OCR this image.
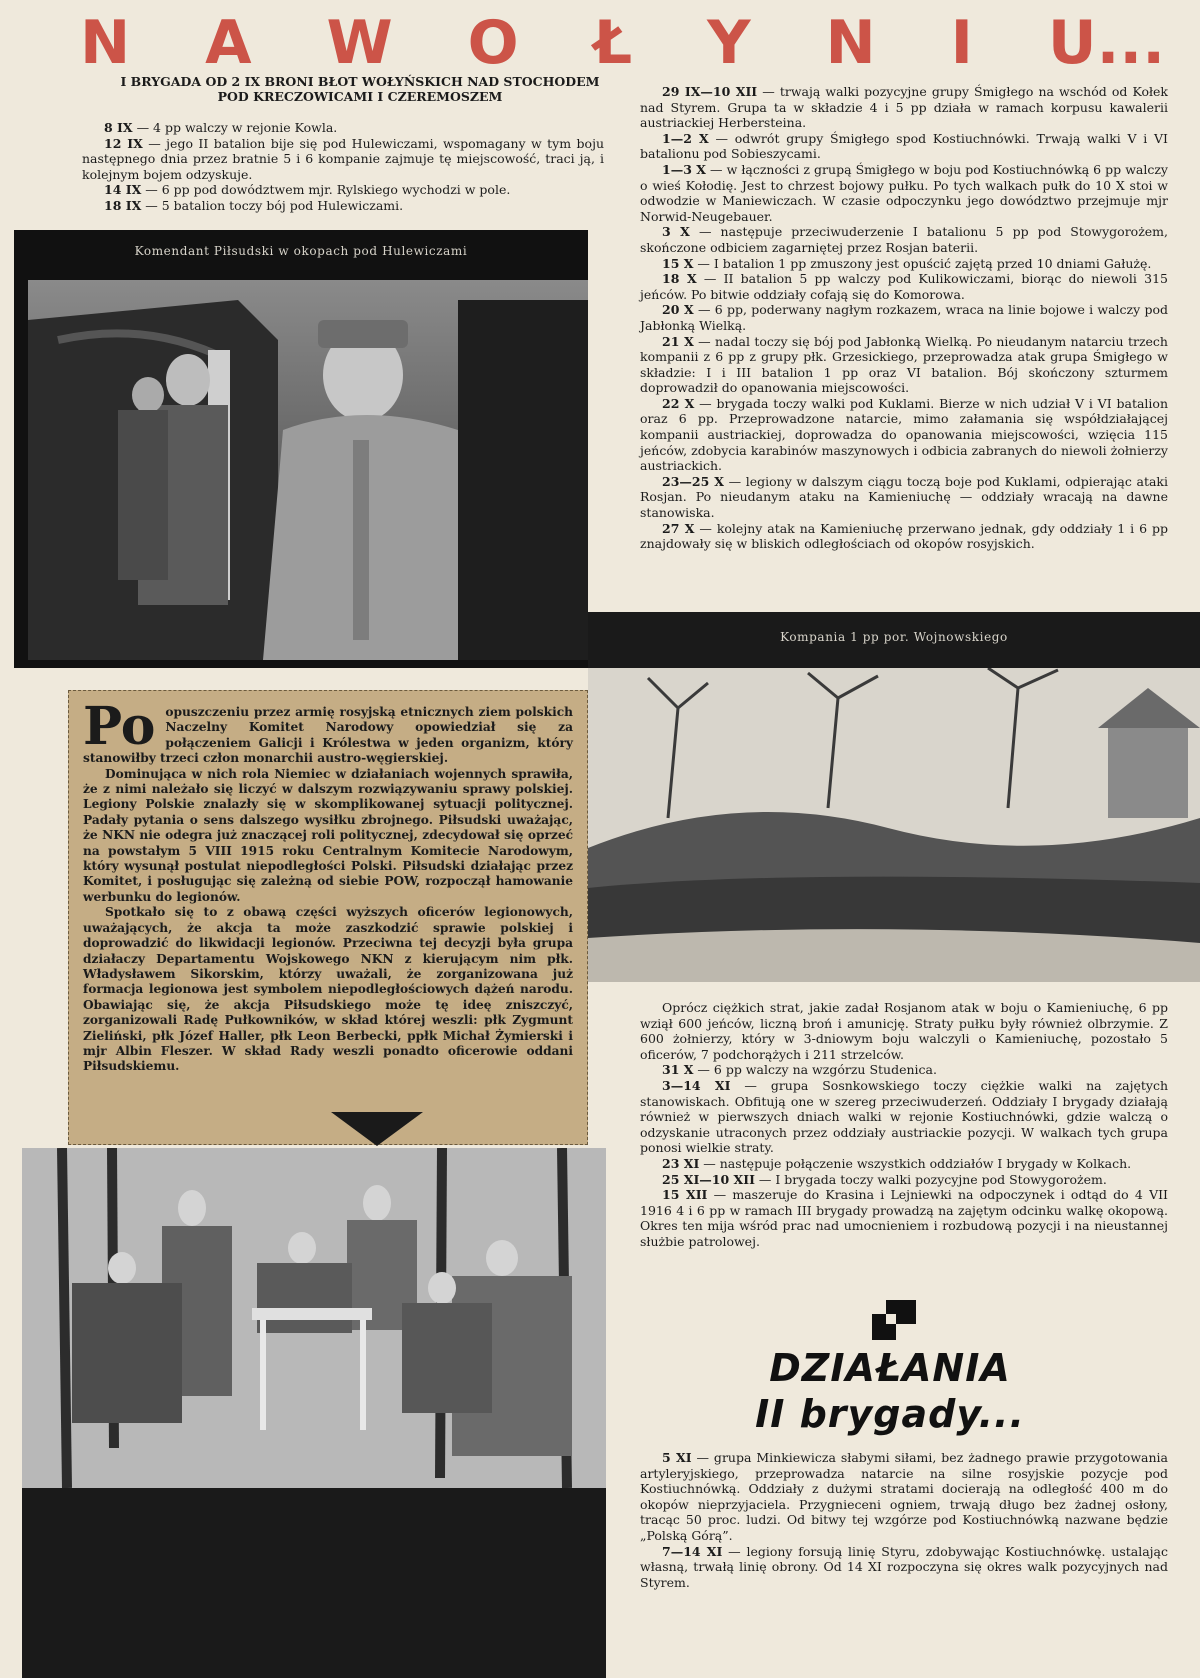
N A W O Ł Y N I U...
I BRYGADA OD 2 IX BRONI BŁOT WOŁYŃSKICH NAD STOCHODEM POD KRECZOWICAMI I CZEREMOSZEM

8 IX — 4 pp walczy w rejonie Kowla.

12 IX — jego II batalion bije się pod Hulewiczami, wspomagany w tym boju następnego dnia przez bratnie 5 i 6 kompanie zajmuje tę miejscowość, traci ją, i kolejnym bojem odzyskuje.

14 IX — 6 pp pod dowództwem mjr. Rylskiego wychodzi w pole.

18 IX — 5 batalion toczy bój pod Hulewiczami.

29 IX—10 XII — trwają walki pozycyjne grupy Śmigłego na wschód od Kołek nad Styrem. Grupa ta w składzie 4 i 5 pp działa w ramach korpusu kawalerii austriackiej Herbersteina.

1—2 X — odwrót grupy Śmigłego spod Kostiuchnówki. Trwają walki V i VI batalionu pod Sobieszycami.

1—3 X — w łączności z grupą Śmigłego w boju pod Kostiuchnówką 6 pp walczy o wieś Kołodię. Jest to chrzest bojowy pułku. Po tych walkach pułk do 10 X stoi w odwodzie w Maniewiczach. W czasie odpoczynku jego dowództwo przejmuje mjr Norwid-Neugebauer.

3 X — następuje przeciwuderzenie I batalionu 5 pp pod Stowygorożem, skończone odbiciem zagarniętej przez Rosjan baterii.

15 X — I batalion 1 pp zmuszony jest opuścić zajętą przed 10 dniami Gałużę.

18 X — II batalion 5 pp walczy pod Kulikowiczami, biorąc do niewoli 315 jeńców. Po bitwie oddziały cofają się do Komorowa.

20 X — 6 pp, poderwany nagłym rozkazem, wraca na linie bojowe i walczy pod Jabłonką Wielką.

21 X — nadal toczy się bój pod Jabłonką Wielką. Po nieudanym natarciu trzech kompanii z 6 pp z grupy płk. Grzesickiego, przeprowadza atak grupa Śmigłego w składzie: I i III batalion 1 pp oraz VI batalion. Bój skończony szturmem doprowadził do opanowania miejscowości.

22 X — brygada toczy walki pod Kuklami. Bierze w nich udział V i VI batalion oraz 6 pp. Przeprowadzone natarcie, mimo załamania się współdziałającej kompanii austriackiej, doprowadza do opanowania miejscowości, wzięcia 115 jeńców, zdobycia karabinów maszynowych i odbicia zabranych do niewoli żołnierzy austriackich.

23—25 X — legiony w dalszym ciągu toczą boje pod Kuklami, odpierając ataki Rosjan. Po nieudanym ataku na Kamieniuchę — oddziały wracają na dawne stanowiska.

27 X — kolejny atak na Kamieniuchę przerwano jednak, gdy oddziały 1 i 6 pp znajdowały się w bliskich odległościach od okopów rosyjskich.

Komendant Piłsudski w okopach pod Hulewiczami
Kompania 1 pp por. Wojnowskiego
Po opuszczeniu przez armię rosyjską etnicznych ziem polskich Naczelny Komitet Narodowy opowiedział się za połączeniem Galicji i Królestwa w jeden organizm, który stanowiłby trzeci człon monarchii austro-węgierskiej.

Dominująca w nich rola Niemiec w działaniach wojennych sprawiła, że z nimi należało się liczyć w dalszym rozwiązywaniu sprawy polskiej. Legiony Polskie znalazły się w skomplikowanej sytuacji politycznej. Padały pytania o sens dalszego wysiłku zbrojnego. Piłsudski uważając, że NKN nie odegra już znaczącej roli politycznej, zdecydował się oprzeć na powstałym 5 VIII 1915 roku Centralnym Komitecie Narodowym, który wysunął postulat niepodległości Polski. Piłsudski działając przez Komitet, i posługując się zależną od siebie POW, rozpoczął hamowanie werbunku do legionów.

Spotkało się to z obawą części wyższych oficerów legionowych, uważających, że akcja ta może zaszkodzić sprawie polskiej i doprowadzić do likwidacji legionów. Przeciwna tej decyzji była grupa działaczy Departamentu Wojskowego NKN z kierującym nim płk. Władysławem Sikorskim, którzy uważali, że zorganizowana już formacja legionowa jest symbolem niepodległościowych dążeń narodu. Obawiając się, że akcja Piłsudskiego może tę ideę zniszczyć, zorganizowali Radę Pułkowników, w skład której weszli: płk Zygmunt Zieliński, płk Józef Haller, płk Leon Berbecki, ppłk Michał Żymierski i mjr Albin Fleszer. W skład Rady weszli ponadto oficerowie oddani Piłsudskiemu.

Oprócz ciężkich strat, jakie zadał Rosjanom atak w boju o Kamieniuchę, 6 pp wziął 600 jeńców, liczną broń i amunicję. Straty pułku były również olbrzymie. Z 600 żołnierzy, który w 3-dniowym boju walczyli o Kamieniuchę, pozostało 5 oficerów, 7 podchorążych i 211 strzelców.

31 X — 6 pp walczy na wzgórzu Studenica.

3—14 XI — grupa Sosnkowskiego toczy ciężkie walki na zajętych stanowiskach. Obfitują one w szereg przeciwuderzeń. Oddziały I brygady działają również w pierwszych dniach walki w rejonie Kostiuchnówki, gdzie walczą o odzyskanie utraconych przez oddziały austriackie pozycji. W walkach tych grupa ponosi wielkie straty.

23 XI — następuje połączenie wszystkich oddziałów I brygady w Kolkach.

25 XI—10 XII — I brygada toczy walki pozycyjne pod Stowygorożem.

15 XII — maszeruje do Krasina i Lejniewki na odpoczynek i odtąd do 4 VII 1916 4 i 6 pp w ramach III brygady prowadzą na zajętym odcinku walkę okopową. Okres ten mija wśród prac nad umocnieniem i rozbudową pozycji i na nieustannej służbie patrolowej.

DZIAŁANIA
II brygady...

5 XI — grupa Minkiewicza słabymi siłami, bez żadnego prawie przygotowania artyleryjskiego, przeprowadza natarcie na silne rosyjskie pozycje pod Kostiuchnówką. Oddziały z dużymi stratami docierają na odległość 400 m do okopów nieprzyjaciela. Przygnieceni ogniem, trwają długo bez żadnej osłony, tracąc 50 proc. ludzi. Od bitwy tej wzgórze pod Kostiuchnówką nazwane będzie „Polską Górą”.

7—14 XI — legiony forsują linię Styru, zdobywając Kostiuchnówkę. ustalając własną, trwałą linię obrony. Od 14 XI rozpoczyna się okres walk pozycyjnych nad Styrem.
